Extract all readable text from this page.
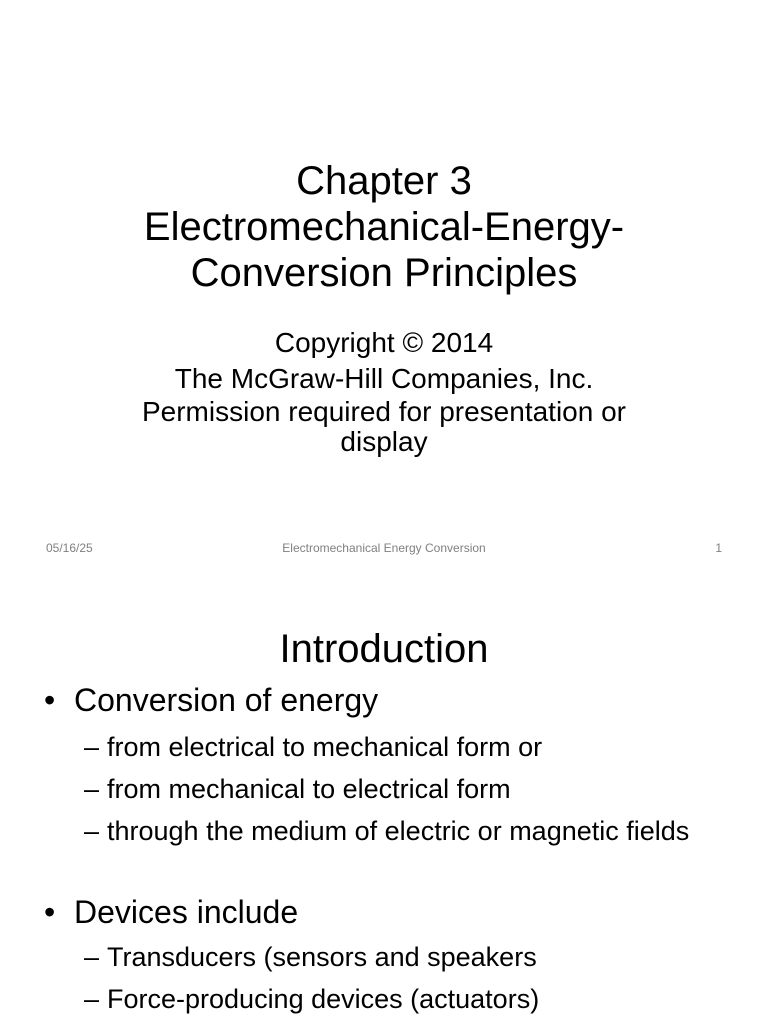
Chapter 3
Electromechanical-Energy-
Conversion Principles
Copyright © 2014
The McGraw-Hill Companies, Inc.
Permission required for presentation or
display
05/16/25	Electromechanical Energy Conversion	1
Introduction
• Conversion of energy
– from electrical to mechanical form or
– from mechanical to electrical form
– through the medium of electric or magnetic fields
• Devices include
– Transducers (sensors and speakers
– Force-producing devices (actuators)
